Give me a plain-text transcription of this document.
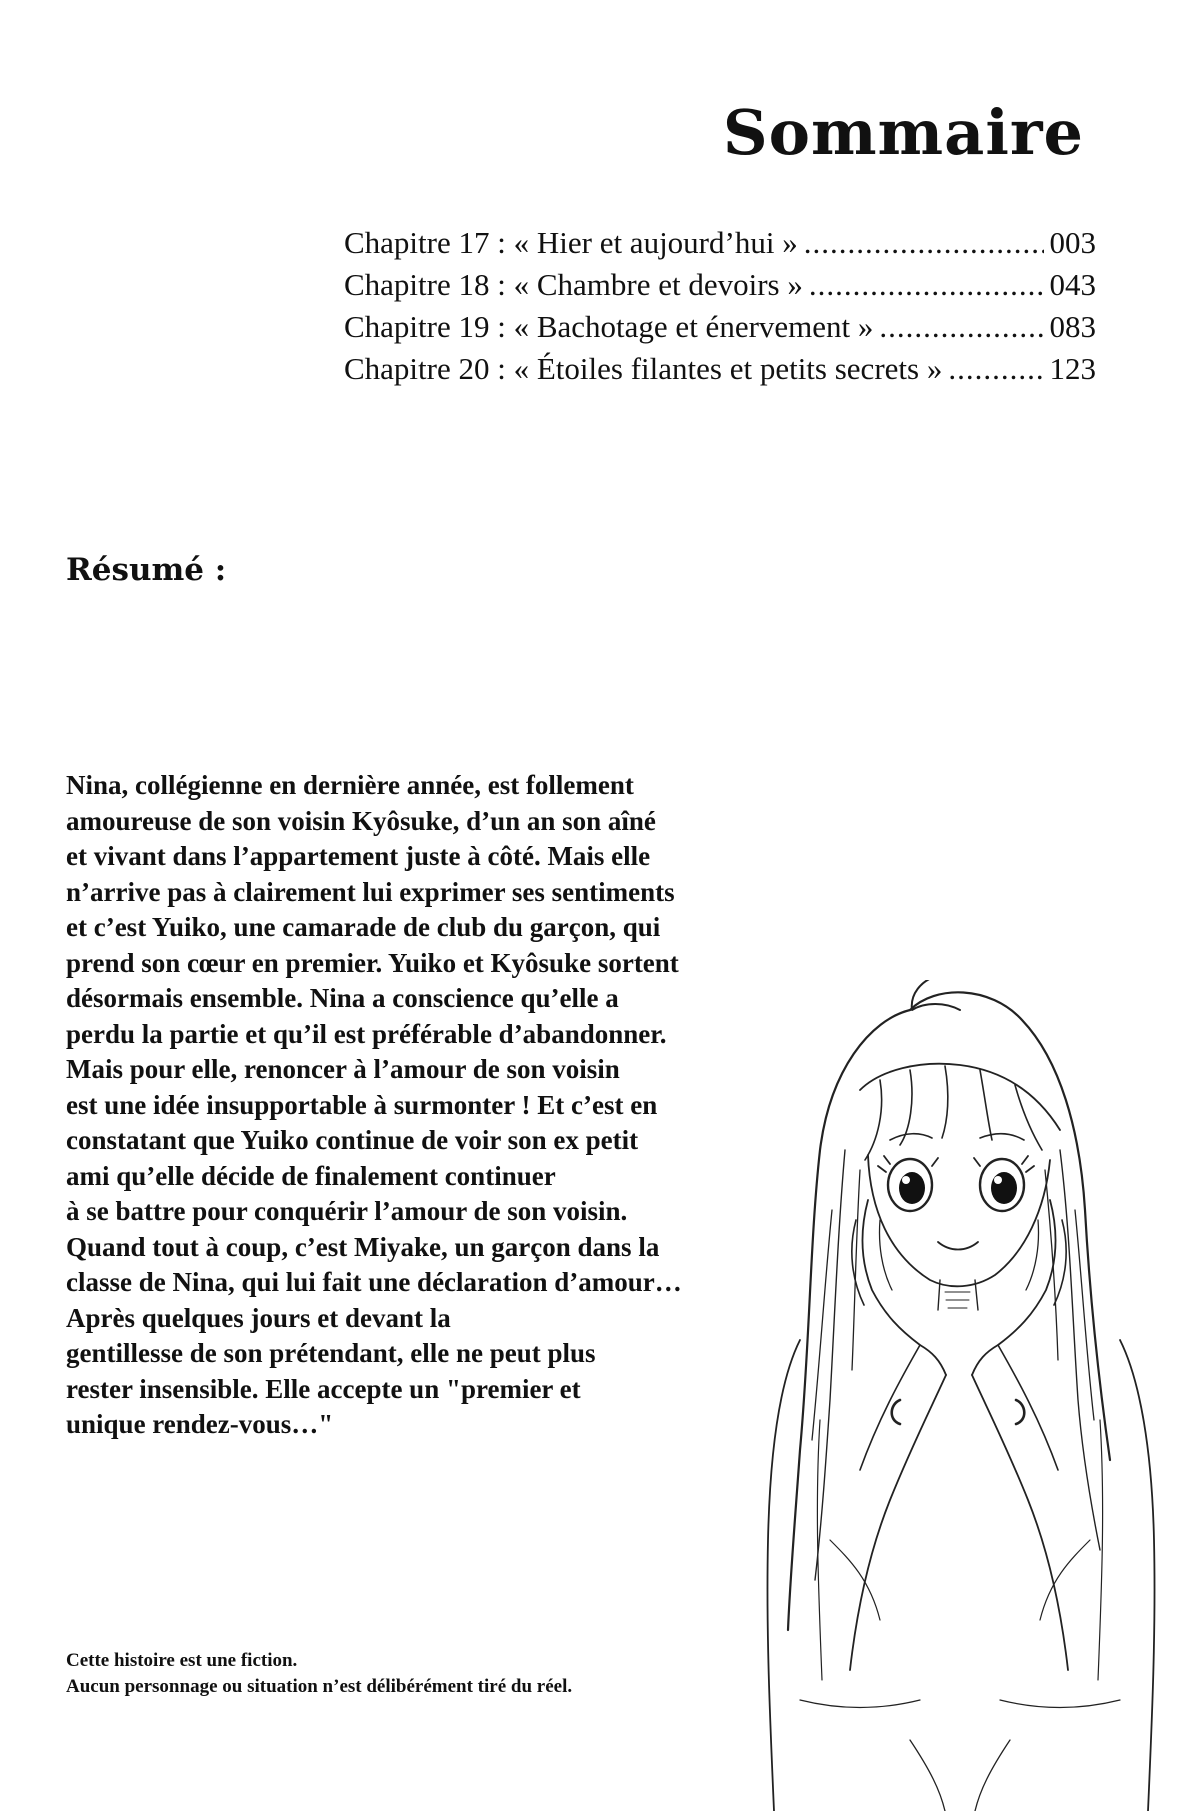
Sommaire
Chapitre 17 : « Hier et aujourd’hui » .....	003
Chapitre 18 : « Chambre et devoirs » .....	043
Chapitre 19 : « Bachotage et énervement » .....	083
Chapitre 20 : « Étoiles filantes et petits secrets » .....	123
Résumé :

Nina, collégienne en dernière année, est follement
amoureuse de son voisin Kyôsuke, d’un an son aîné
et vivant dans l’appartement juste à côté. Mais elle
n’arrive pas à clairement lui exprimer ses sentiments
et c’est Yuiko, une camarade de club du garçon, qui
prend son cœur en premier. Yuiko et Kyôsuke sortent
désormais ensemble. Nina a conscience qu’elle a
perdu la partie et qu’il est préférable d’abandonner.
Mais pour elle, renoncer à l’amour de son voisin
est une idée insupportable à surmonter ! Et c’est en
constatant que Yuiko continue de voir son ex petit
ami qu’elle décide de finalement continuer
à se battre pour conquérir l’amour de son voisin.
Quand tout à coup, c’est Miyake, un garçon dans la
classe de Nina, qui lui fait une déclaration d’amour…
Après quelques jours et devant la
gentillesse de son prétendant, elle ne peut plus
rester insensible. Elle accepte un "premier et
unique rendez-vous…"

Cette histoire est une fiction.
Aucun personnage ou situation n’est délibérément tiré du réel.
